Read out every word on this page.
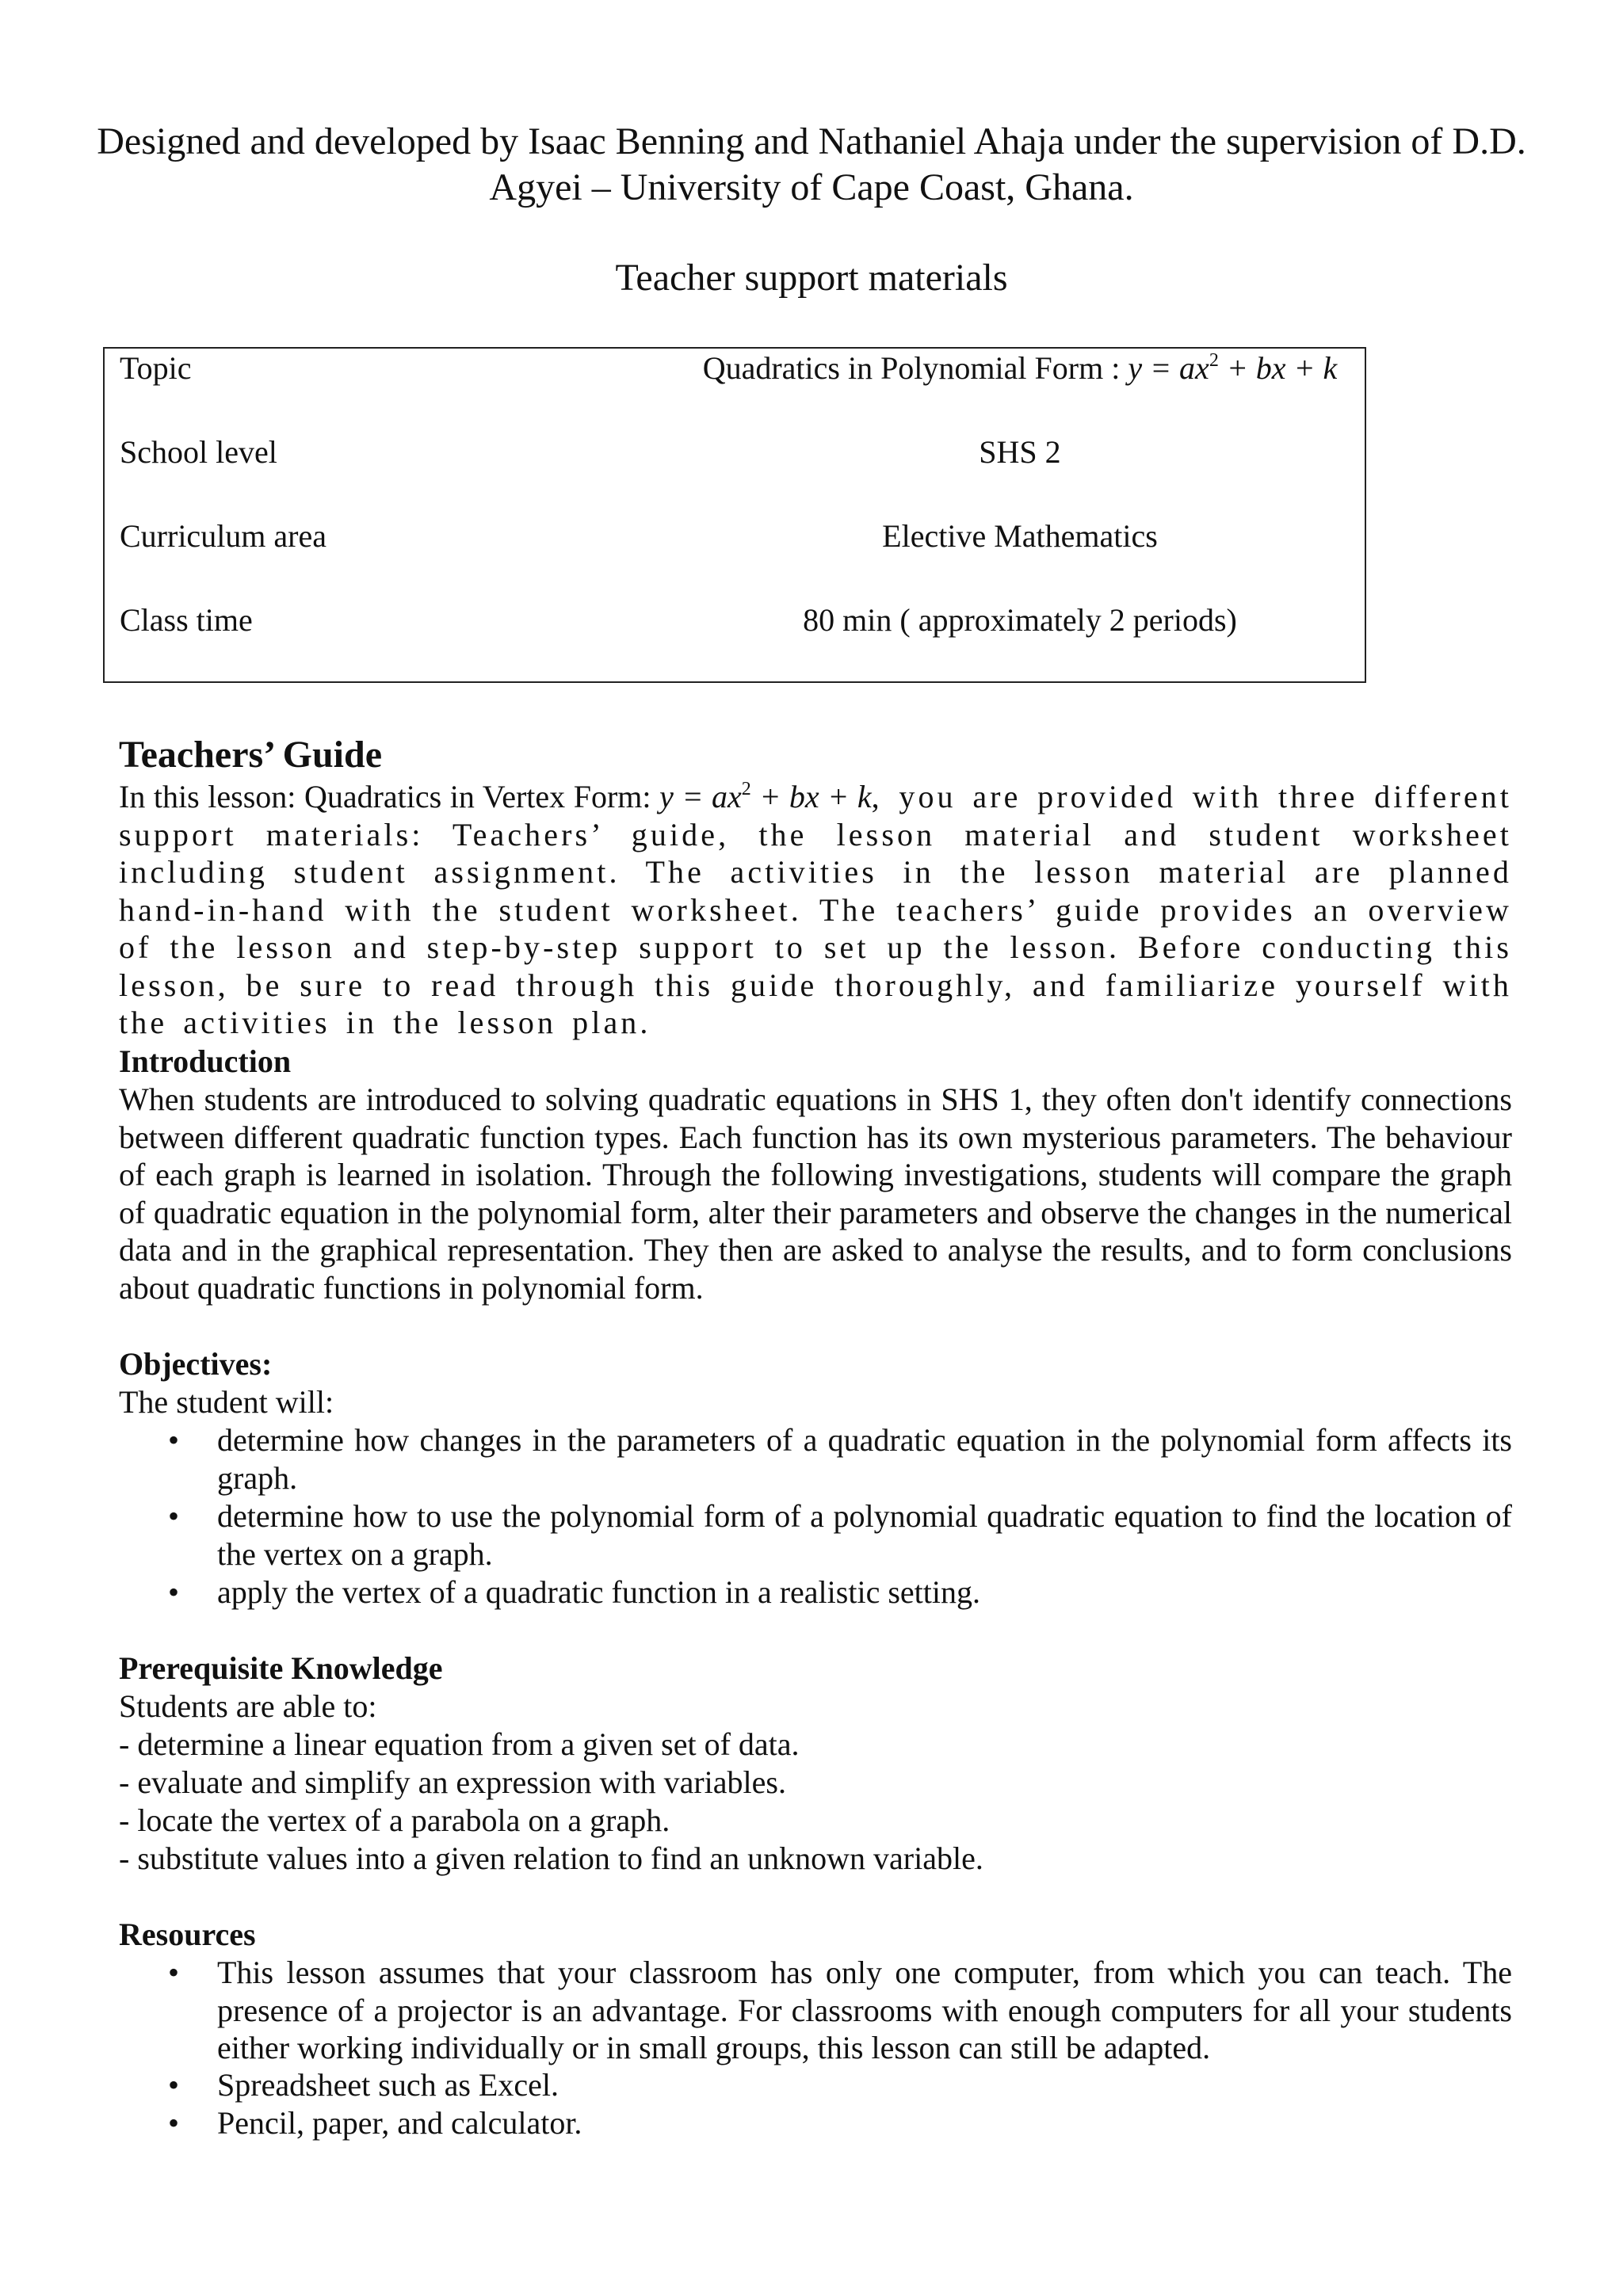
Designed and developed by Isaac Benning and Nathaniel Ahaja under the supervision of D.D. Agyei – University of Cape Coast, Ghana.
Teacher support materials
Topic	Quadratics in Polynomial Form : $y = ax^2$ + bx + k
School level	SHS 2
Curriculum area	Elective Mathematics
Class time	80 min ( approximately 2 periods)
Teachers’ Guide
In this lesson: Quadratics in Vertex Form: $y = ax^2$ + bx + k, you are provided with three different support materials: Teachers’ guide, the lesson material and student worksheet including student assignment. The activities in the lesson material are planned hand-in-hand with the student worksheet. The teachers’ guide provides an overview of the lesson and step-by-step support to set up the lesson. Before conducting this lesson, be sure to read through this guide thoroughly, and familiarize yourself with the activities in the lesson plan.
Introduction
When students are introduced to solving quadratic equations in SHS 1, they often don't identify connections between different quadratic function types. Each function has its own mysterious parameters. The behaviour of each graph is learned in isolation. Through the following investigations, students will compare the graph of quadratic equation in the polynomial form, alter their parameters and observe the changes in the numerical data and in the graphical representation. They then are asked to analyse the results, and to form conclusions about quadratic functions in polynomial form.
Objectives:
The student will:
• determine how changes in the parameters of a quadratic equation in the polynomial form affects its graph.
• determine how to use the polynomial form of a polynomial quadratic equation to find the location of the vertex on a graph.
• apply the vertex of a quadratic function in a realistic setting.
Prerequisite Knowledge
Students are able to:
- determine a linear equation from a given set of data.
- evaluate and simplify an expression with variables.
- locate the vertex of a parabola on a graph.
- substitute values into a given relation to find an unknown variable.
Resources
• This lesson assumes that your classroom has only one computer, from which you can teach. The presence of a projector is an advantage. For classrooms with enough computers for all your students either working individually or in small groups, this lesson can still be adapted.
• Spreadsheet such as Excel.
• Pencil, paper, and calculator.
